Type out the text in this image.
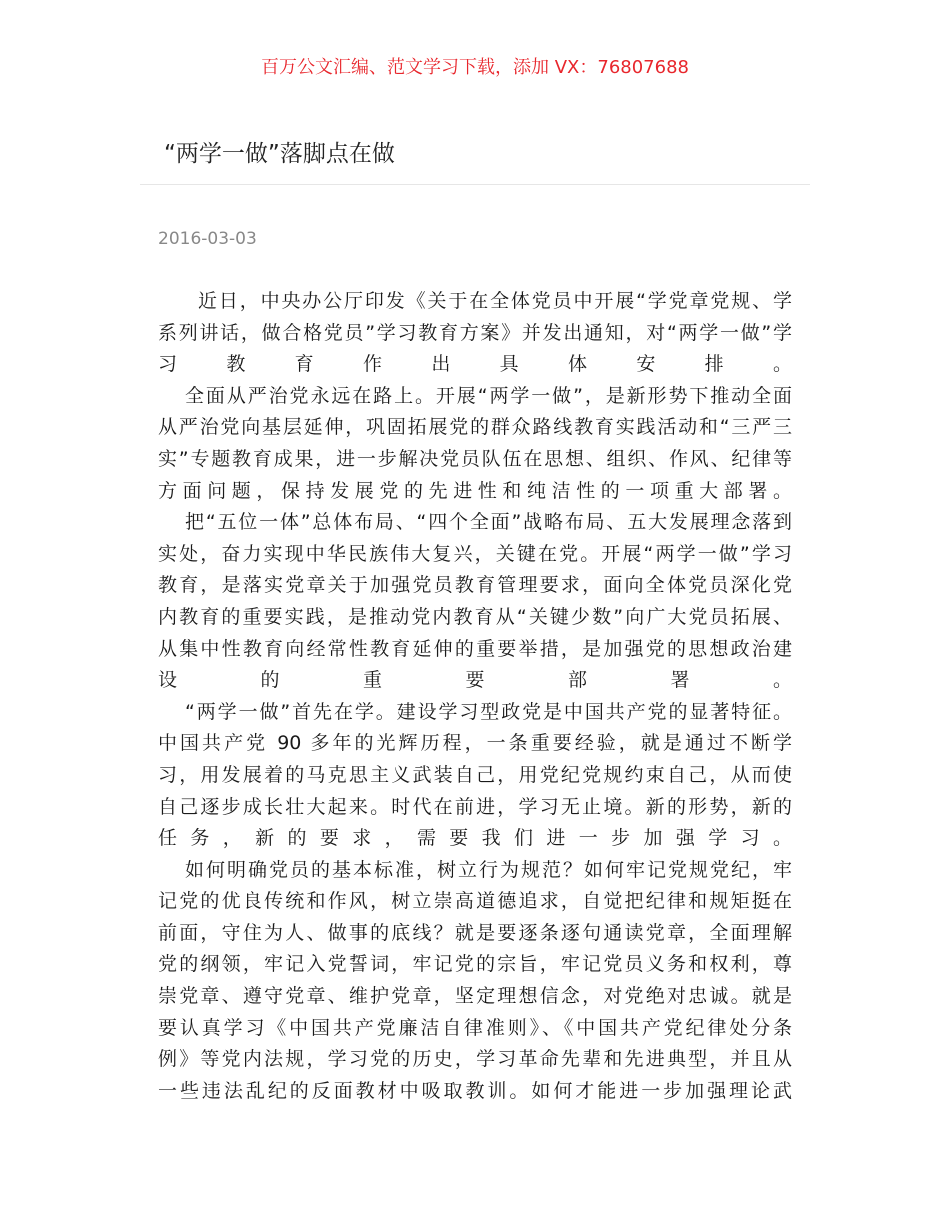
百万公文汇编、范文学习下载，添加 VX：76807688
“两学一做”落脚点在做
2016-03-03
近日，中央办公厅印发《关于在全体党员中开展“学党章党规、学
系列讲话，做合格党员”学习教育方案》并发出通知，对“两学一做”学
习　教　育　作　出　具　体　安　排　。
全面从严治党永远在路上。开展“两学一做”，是新形势下推动全面
从严治党向基层延伸，巩固拓展党的群众路线教育实践活动和“三严三
实”专题教育成果，进一步解决党员队伍在思想、组织、作风、纪律等
方面问题，保持发展党的先进性和纯洁性的一项重大部署。
把“五位一体”总体布局、“四个全面”战略布局、五大发展理念落到
实处，奋力实现中华民族伟大复兴，关键在党。开展“两学一做”学习
教育，是落实党章关于加强党员教育管理要求，面向全体党员深化党
内教育的重要实践，是推动党内教育从“关键少数”向广大党员拓展、
从集中性教育向经常性教育延伸的重要举措，是加强党的思想政治建
设　的　重　要　部　署　。
“两学一做”首先在学。建设学习型政党是中国共产党的显著特征。
中国共产党 90 多年的光辉历程，一条重要经验，就是通过不断学
习，用发展着的马克思主义武装自己，用党纪党规约束自己，从而使
自己逐步成长壮大起来。时代在前进，学习无止境。新的形势，新的
任务，新的要求，需要我们进一步加强学习。
如何明确党员的基本标准，树立行为规范？如何牢记党规党纪，牢
记党的优良传统和作风，树立崇高道德追求，自觉把纪律和规矩挺在
前面，守住为人、做事的底线？就是要逐条逐句通读党章，全面理解
党的纲领，牢记入党誓词，牢记党的宗旨，牢记党员义务和权利，尊
崇党章、遵守党章、维护党章，坚定理想信念，对党绝对忠诚。就是
要认真学习《中国共产党廉洁自律准则》、《中国共产党纪律处分条
例》等党内法规，学习党的历史，学习革命先辈和先进典型，并且从
一些违法乱纪的反面教材中吸取教训。如何才能进一步加强理论武
